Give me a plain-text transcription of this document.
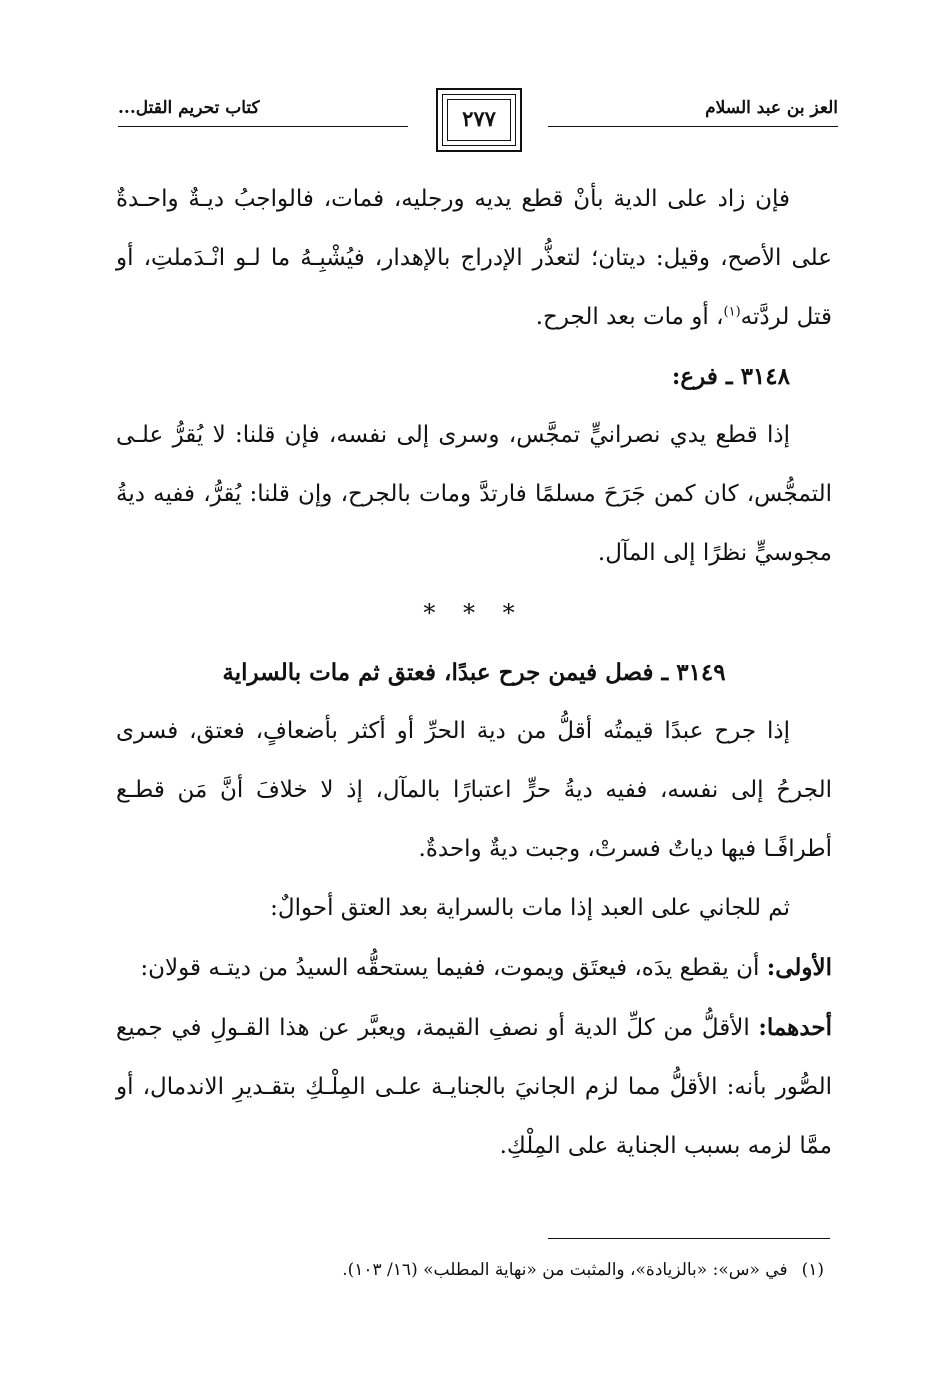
العز بن عبد السلام
٢٧٧
كتاب تحريم القتل...

فإن زاد على الدية بأنْ قطع يديه ورجليه، فمات، فالواجبُ ديـةٌ واحـدةٌ على الأصح، وقيل: ديتان؛ لتعذُّر الإدراج بالإهدار، فيُشْبِـهُ ما لـو انْـدَملتِ، أو قتل لردَّته$^{(١)}$، أو مات بعد الجرح.

٣١٤٨ ـ فرع:

إذا قطع يدي نصرانيٍّ تمجَّس، وسرى إلى نفسه، فإن قلنا: لا يُقرُّ علـى التمجُّس، كان كمن جَرَحَ مسلمًا فارتدَّ ومات بالجرح، وإن قلنا: يُقرُّ، ففيه ديةُ مجوسيٍّ نظرًا إلى المآل.

* * *

٣١٤٩ ـ فصل فيمن جرح عبدًا، فعتق ثم مات بالسراية

إذا جرح عبدًا قيمتُه أقلُّ من دية الحرِّ أو أكثر بأضعافٍ، فعتق، فسرى الجرحُ إلى نفسه، ففيه ديةُ حرٍّ اعتبارًا بالمآل، إذ لا خلافَ أنَّ مَن قطـع أطرافًـا فيها دياتٌ فسرتْ، وجبت ديةٌ واحدةٌ.

ثم للجاني على العبد إذا مات بالسراية بعد العتق أحوالٌ:

الأولى: أن يقطع يدَه، فيعتَق ويموت، ففيما يستحقُّه السيدُ من ديتـه قولان:

أحدهما: الأقلُّ من كلِّ الدية أو نصفِ القيمة، ويعبَّر عن هذا القـولِ في جميع الصُّور بأنه: الأقلُّ مما لزم الجانيَ بالجنايـة علـى المِلْـكِ بتقـديرِ الاندمال، أو ممَّا لزمه بسبب الجناية على المِلْكِ.

(١)في «س»: «بالزيادة»، والمثبت من «نهاية المطلب» (١٦/ ١٠٣).
